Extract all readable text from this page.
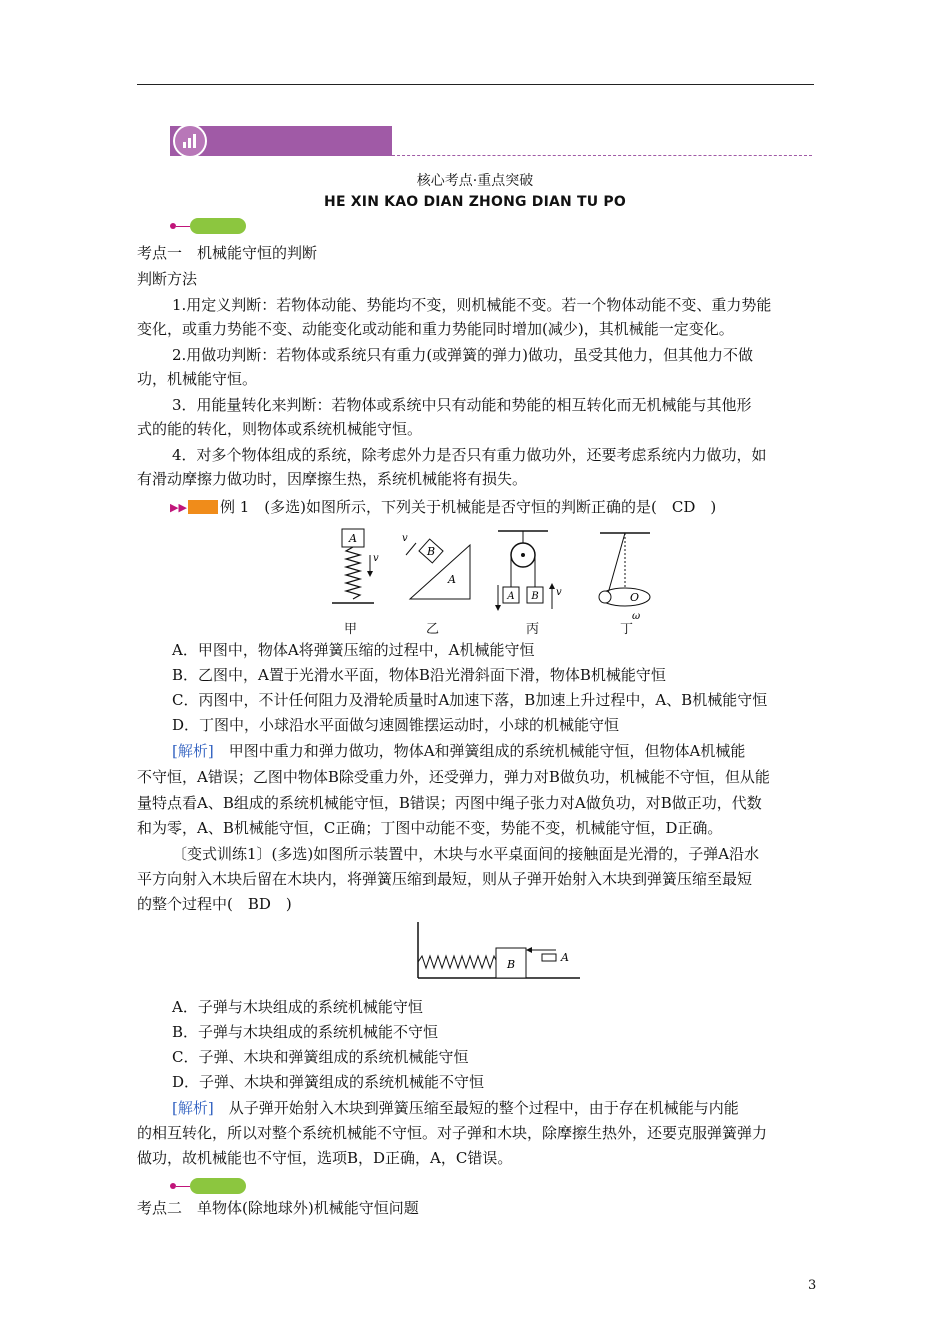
核心考点·重点突破
HE XIN KAO DIAN ZHONG DIAN TU PO
考点一　机械能守恒的判断
判断方法
1.用定义判断：若物体动能、势能均不变，则机械能不变。若一个物体动能不变、重力势能
变化，或重力势能不变、动能变化或动能和重力势能同时增加(减少)，其机械能一定变化。
2.用做功判断：若物体或系统只有重力(或弹簧的弹力)做功，虽受其他力，但其他力不做
功，机械能守恒。
3．用能量转化来判断：若物体或系统中只有动能和势能的相互转化而无机械能与其他形
式的能的转化，则物体或系统机械能守恒。
4．对多个物体组成的系统，除考虑外力是否只有重力做功外，还要考虑系统内力做功，如
有滑动摩擦力做功时，因摩擦生热，系统机械能将有损失。
▶▶	例 1　(多选)如图所示，下列关于机械能是否守恒的判断正确的是(　CD　)
A
v
B
A
v
A B v	O
ω
甲	乙	丙	丁
A．甲图中，物体A将弹簧压缩的过程中，A机械能守恒
B．乙图中，A置于光滑水平面，物体B沿光滑斜面下滑，物体B机械能守恒
C．丙图中，不计任何阻力及滑轮质量时A加速下落，B加速上升过程中，A、B机械能守恒
D．丁图中，小球沿水平面做匀速圆锥摆运动时，小球的机械能守恒
[解析]　甲图中重力和弹力做功，物体A和弹簧组成的系统机械能守恒，但物体A机械能
不守恒，A错误；乙图中物体B除受重力外，还受弹力，弹力对B做负功，机械能不守恒，但从能
量特点看A、B组成的系统机械能守恒，B错误；丙图中绳子张力对A做负功，对B做正功，代数
和为零，A、B机械能守恒，C正确；丁图中动能不变，势能不变，机械能守恒，D正确。
〔变式训练1〕(多选)如图所示装置中，木块与水平桌面间的接触面是光滑的，子弹A沿水
平方向射入木块后留在木块内，将弹簧压缩到最短，则从子弹开始射入木块到弹簧压缩至最短
的整个过程中(　BD　)
B
A
A．子弹与木块组成的系统机械能守恒
B．子弹与木块组成的系统机械能不守恒
C．子弹、木块和弹簧组成的系统机械能守恒
D．子弹、木块和弹簧组成的系统机械能不守恒
[解析]　从子弹开始射入木块到弹簧压缩至最短的整个过程中，由于存在机械能与内能
的相互转化，所以对整个系统机械能不守恒。对子弹和木块，除摩擦生热外，还要克服弹簧弹力
做功，故机械能也不守恒，选项B，D正确，A，C错误。
考点二　单物体(除地球外)机械能守恒问题
3
